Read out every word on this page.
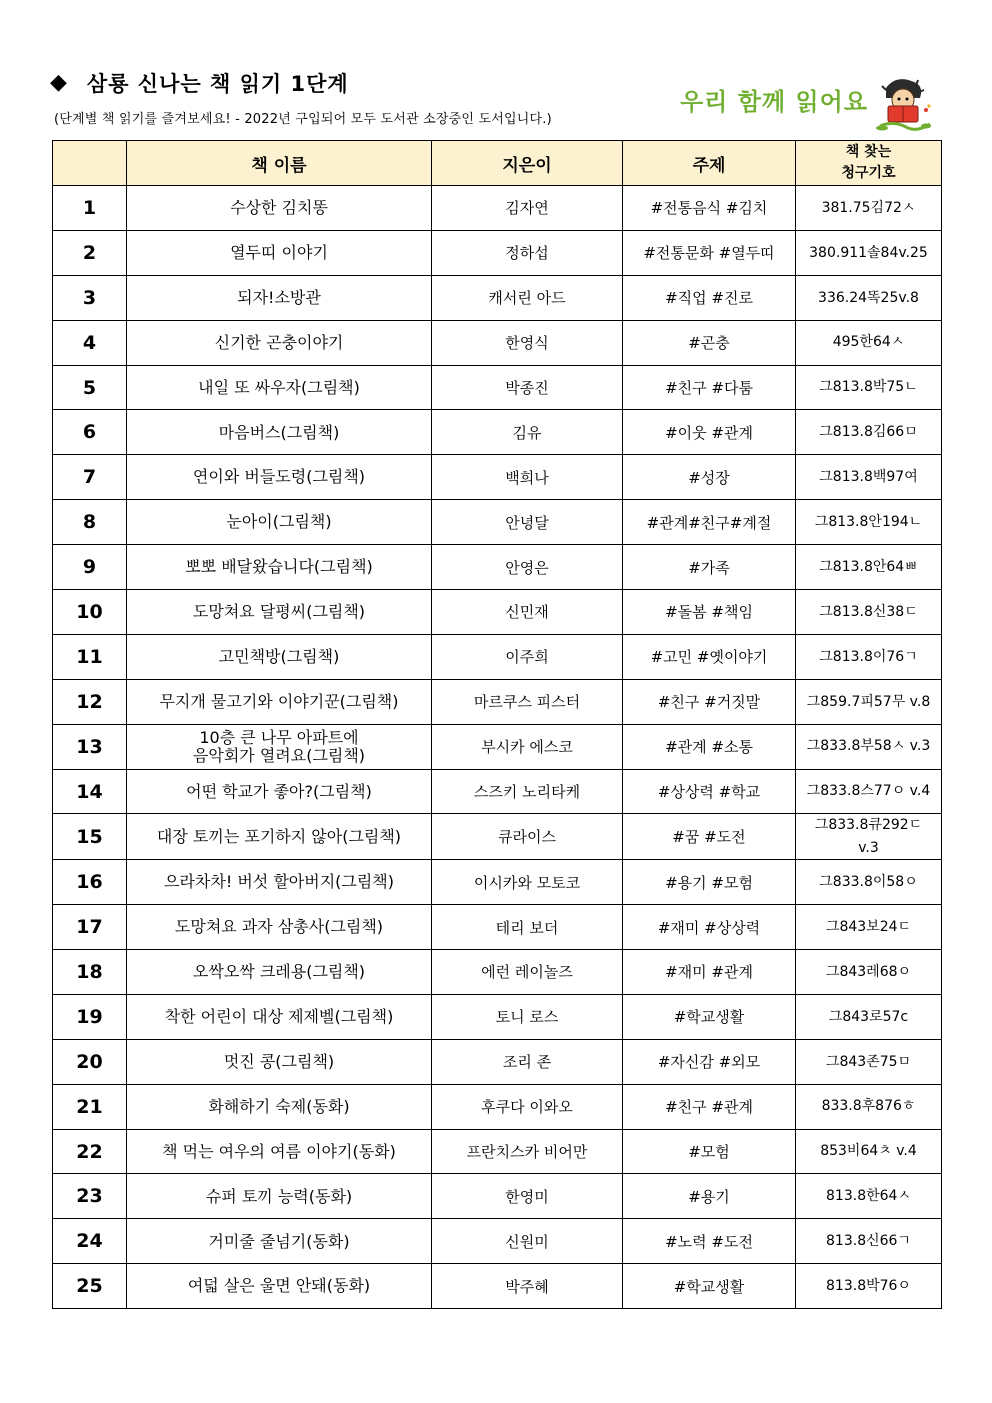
◆ 삼룡 신나는 책 읽기 1단계
(단계별 책 읽기를 즐겨보세요! - 2022년 구입되어 모두 도서관 소장중인 도서입니다.)
우리 함께 읽어요
	책 이름	지은이	주제	책 찾는
청구기호
1	수상한 김치똥	김자연	#전통음식 #김치	381.75김72ㅅ
2	열두띠 이야기	정하섭	#전통문화 #열두띠	380.911솔84v.25
3	되자!소방관	캐서린 아드	#직업 #진로	336.24똑25v.8
4	신기한 곤충이야기	한영식	#곤충	495한64ㅅ
5	내일 또 싸우자(그림책)	박종진	#친구 #다툼	그813.8박75ㄴ
6	마음버스(그림책)	김유	#이웃 #관계	그813.8김66ㅁ
7	연이와 버들도령(그림책)	백희나	#성장	그813.8백97여
8	눈아이(그림책)	안녕달	#관계#친구#계절	그813.8안194ㄴ
9	뽀뽀 배달왔습니다(그림책)	안영은	#가족	그813.8안64ㅃ
10	도망쳐요 달평씨(그림책)	신민재	#돌봄 #책임	그813.8신38ㄷ
11	고민책방(그림책)	이주희	#고민 #옛이야기	그813.8이76ㄱ
12	무지개 물고기와 이야기꾼(그림책)	마르쿠스 피스터	#친구 #거짓말	그859.7피57무 v.8
13	10층 큰 나무 아파트에
음악회가 열려요(그림책)	부시카 에스코	#관계 #소통	그833.8부58ㅅ v.3
14	어떤 학교가 좋아?(그림책)	스즈키 노리타케	#상상력 #학교	그833.8스77ㅇ v.4
15	대장 토끼는 포기하지 않아(그림책)	큐라이스	#꿈 #도전	그833.8큐292ㄷ
v.3
16	으라차차! 버섯 할아버지(그림책)	이시카와 모토코	#용기 #모험	그833.8이58ㅇ
17	도망쳐요 과자 삼총사(그림책)	테리 보더	#재미 #상상력	그843보24ㄷ
18	오싹오싹 크레용(그림책)	에런 레이놀즈	#재미 #관계	그843레68ㅇ
19	착한 어린이 대상 제제벨(그림책)	토니 로스	#학교생활	그843로57c
20	멋진 콩(그림책)	조리 존	#자신감 #외모	그843존75ㅁ
21	화해하기 숙제(동화)	후쿠다 이와오	#친구 #관계	833.8후876ㅎ
22	책 먹는 여우의 여름 이야기(동화)	프란치스카 비어만	#모험	853비64ㅊ v.4
23	슈퍼 토끼 능력(동화)	한영미	#용기	813.8한64ㅅ
24	거미줄 줄넘기(동화)	신원미	#노력 #도전	813.8신66ㄱ
25	여덟 살은 울면 안돼(동화)	박주혜	#학교생활	813.8박76ㅇ
